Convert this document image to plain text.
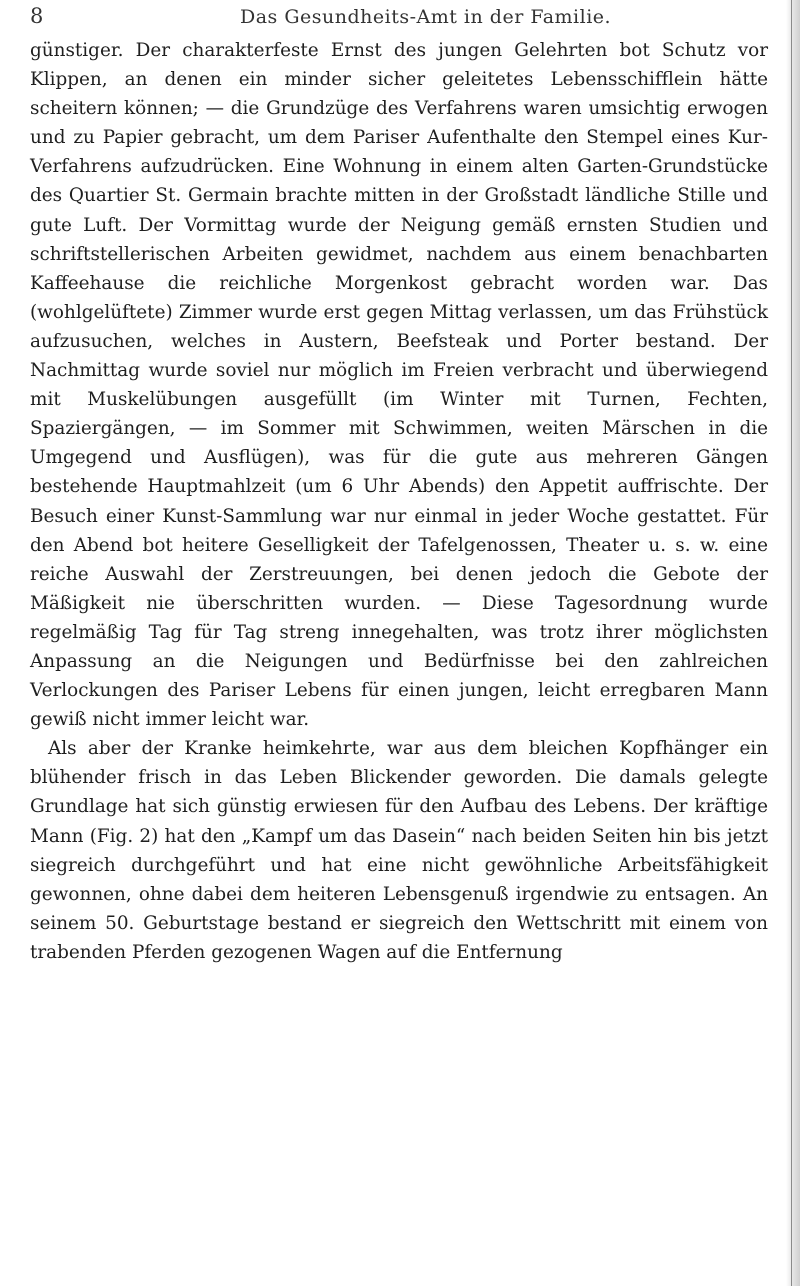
8	Das Gesundheits-Amt in der Familie.

günstiger. Der charakterfeste Ernst des jungen Gelehrten bot Schutz vor Klippen, an denen ein minder sicher geleitetes Lebensschifflein hätte scheitern können; — die Grundzüge des Verfahrens waren umsichtig erwogen und zu Papier gebracht, um dem Pariser Aufenthalte den Stempel eines Kur-Verfahrens aufzudrücken. Eine Wohnung in einem alten Garten-Grundstücke des Quartier St. Germain brachte mitten in der Großstadt ländliche Stille und gute Luft. Der Vormittag wurde der Neigung gemäß ernsten Studien und schriftstellerischen Arbeiten gewidmet, nachdem aus einem benachbarten Kaffeehause die reichliche Morgenkost gebracht worden war. Das (wohlgelüftete) Zimmer wurde erst gegen Mittag verlassen, um das Frühstück aufzusuchen, welches in Austern, Beefsteak und Porter bestand. Der Nachmittag wurde soviel nur möglich im Freien verbracht und überwiegend mit Muskelübungen ausgefüllt (im Winter mit Turnen, Fechten, Spaziergängen, — im Sommer mit Schwimmen, weiten Märschen in die Umgegend und Ausflügen), was für die gute aus mehreren Gängen bestehende Hauptmahlzeit (um 6 Uhr Abends) den Appetit auffrischte. Der Besuch einer Kunst-Sammlung war nur einmal in jeder Woche gestattet. Für den Abend bot heitere Geselligkeit der Tafelgenossen, Theater u. s. w. eine reiche Auswahl der Zerstreuungen, bei denen jedoch die Gebote der Mäßigkeit nie überschritten wurden. — Diese Tagesordnung wurde regelmäßig Tag für Tag streng innegehalten, was trotz ihrer möglichsten Anpassung an die Neigungen und Bedürfnisse bei den zahlreichen Verlockungen des Pariser Lebens für einen jungen, leicht erregbaren Mann gewiß nicht immer leicht war.

Als aber der Kranke heimkehrte, war aus dem bleichen Kopfhänger ein blühender frisch in das Leben Blickender geworden. Die damals gelegte Grundlage hat sich günstig erwiesen für den Aufbau des Lebens. Der kräftige Mann (Fig. 2) hat den „Kampf um das Dasein“ nach beiden Seiten hin bis jetzt siegreich durchgeführt und hat eine nicht gewöhnliche Arbeitsfähigkeit gewonnen, ohne dabei dem heiteren Lebensgenuß irgendwie zu entsagen. An seinem 50. Geburtstage bestand er siegreich den Wettschritt mit einem von trabenden Pferden gezogenen Wagen auf die Entfernung
